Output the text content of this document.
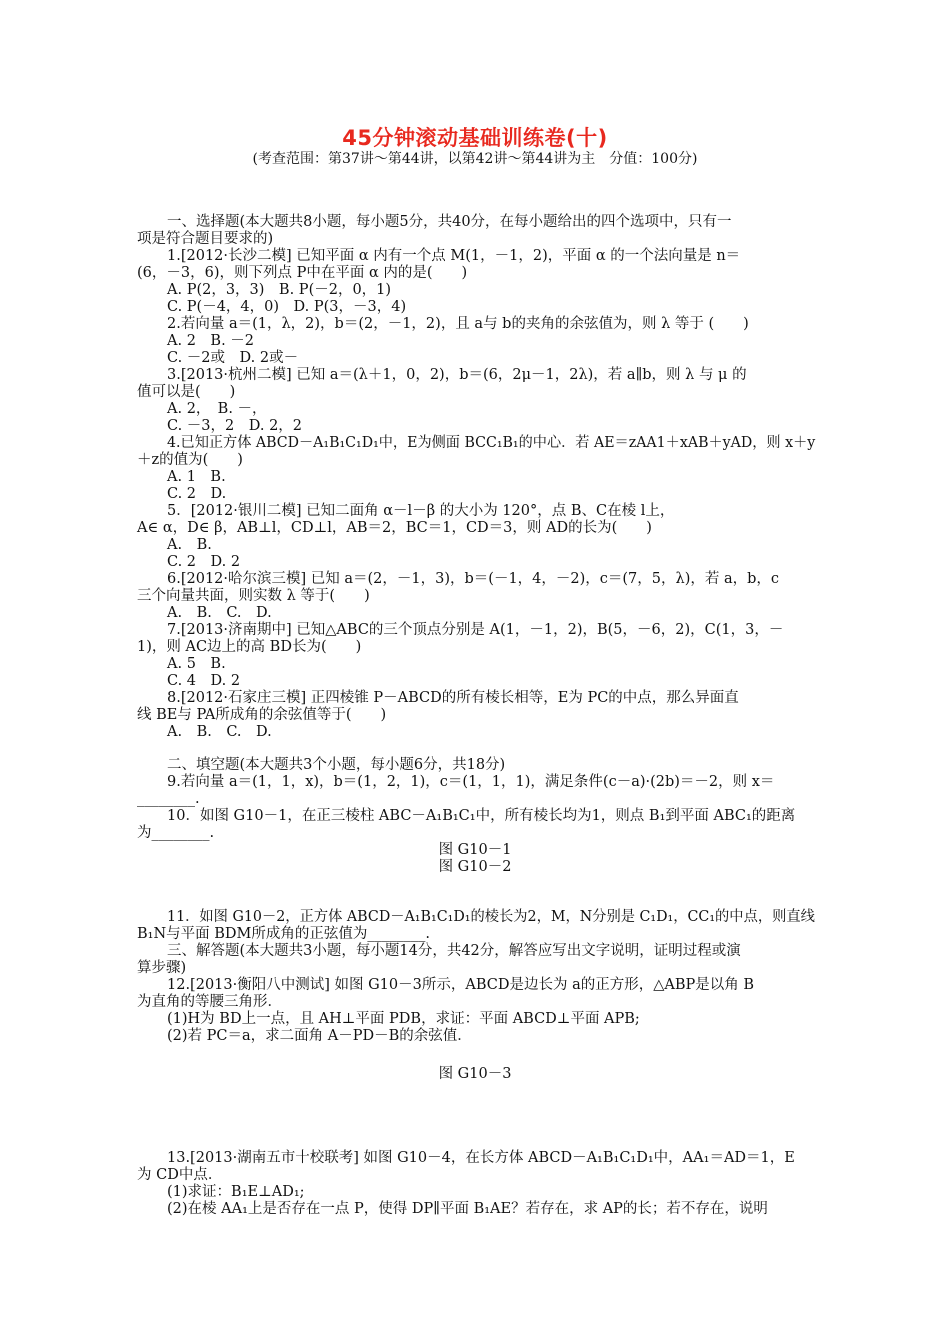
45分钟滚动基础训练卷(十)
(考查范围：第37讲～第44讲，以第42讲～第44讲为主　分值：100分)
一、选择题(本大题共8小题，每小题5分，共40分，在每小题给出的四个选项中，只有一
项是符合题目要求的)
1.[2012·长沙二模] 已知平面 α 内有一个点 M(1，－1，2)，平面 α 的一个法向量是 n＝
(6，－3，6)，则下列点 P中在平面 α 内的是(　　)
A. P(2，3，3)　B. P(－2，0，1)
C. P(－4，4，0)　D. P(3，－3，4)
2.若向量 a＝(1，λ，2)，b＝(2，－1，2)，且 a与 b的夹角的余弦值为，则 λ 等于 (　　)
A. 2　B. －2
C. －2或　D. 2或－
3.[2013·杭州二模] 已知 a＝(λ＋1，0，2)，b＝(6，2μ－1，2λ)，若 a∥b，则 λ 与 μ 的
值可以是(　　)
A. 2，　B. －，
C. －3，2　D. 2，2
4.已知正方体 ABCD－A₁B₁C₁D₁中，E为侧面 BCC₁B₁的中心．若 AE＝zAA1＋xAB＋yAD，则 x＋y
＋z的值为(　　)
A. 1　B.
C. 2　D.
5．[2012·银川二模] 已知二面角 α－l－β 的大小为 120°，点 B、C在棱 l上，
A∈ α，D∈ β，AB⊥l，CD⊥l，AB＝2，BC＝1，CD＝3，则 AD的长为(　　)
A.　B.
C. 2　D. 2
6.[2012·哈尔滨三模] 已知 a＝(2，－1，3)，b＝(－1，4，－2)，c＝(7，5，λ)，若 a，b，c
三个向量共面，则实数 λ 等于(　　)
A.　B.　C.　D.
7.[2013·济南期中] 已知△ABC的三个顶点分别是 A(1，－1，2)，B(5，－6，2)，C(1，3，－
1)，则 AC边上的高 BD长为(　　)
A. 5　B.
C. 4　D. 2
8.[2012·石家庄三模] 正四棱锥 P－ABCD的所有棱长相等，E为 PC的中点，那么异面直
线 BE与 PA所成角的余弦值等于(　　)
A.　B.　C.　D.
二、填空题(本大题共3个小题，每小题6分，共18分)
9.若向量 a＝(1，1，x)，b＝(1，2，1)，c＝(1，1，1)，满足条件(c－a)·(2b)＝－2，则 x＝
________.
10．如图 G10－1，在正三棱柱 ABC－A₁B₁C₁中，所有棱长均为1，则点 B₁到平面 ABC₁的距离
为________.
图 G10－1
图 G10－2
11．如图 G10－2，正方体 ABCD－A₁B₁C₁D₁的棱长为2，M，N分别是 C₁D₁，CC₁的中点，则直线
B₁N与平面 BDM所成角的正弦值为________.
三、解答题(本大题共3小题，每小题14分，共42分，解答应写出文字说明，证明过程或演
算步骤)
12.[2013·衡阳八中测试] 如图 G10－3所示，ABCD是边长为 a的正方形，△ABP是以角 B
为直角的等腰三角形．
(1)H为 BD上一点，且 AH⊥平面 PDB，求证：平面 ABCD⊥平面 APB;
(2)若 PC＝a，求二面角 A－PD－B的余弦值．
图 G10－3
13.[2013·湖南五市十校联考] 如图 G10－4，在长方体 ABCD－A₁B₁C₁D₁中，AA₁＝AD＝1，E
为 CD中点．
(1)求证：B₁E⊥AD₁;
(2)在棱 AA₁上是否存在一点 P，使得 DP∥平面 B₁AE？若存在，求 AP的长；若不存在，说明
